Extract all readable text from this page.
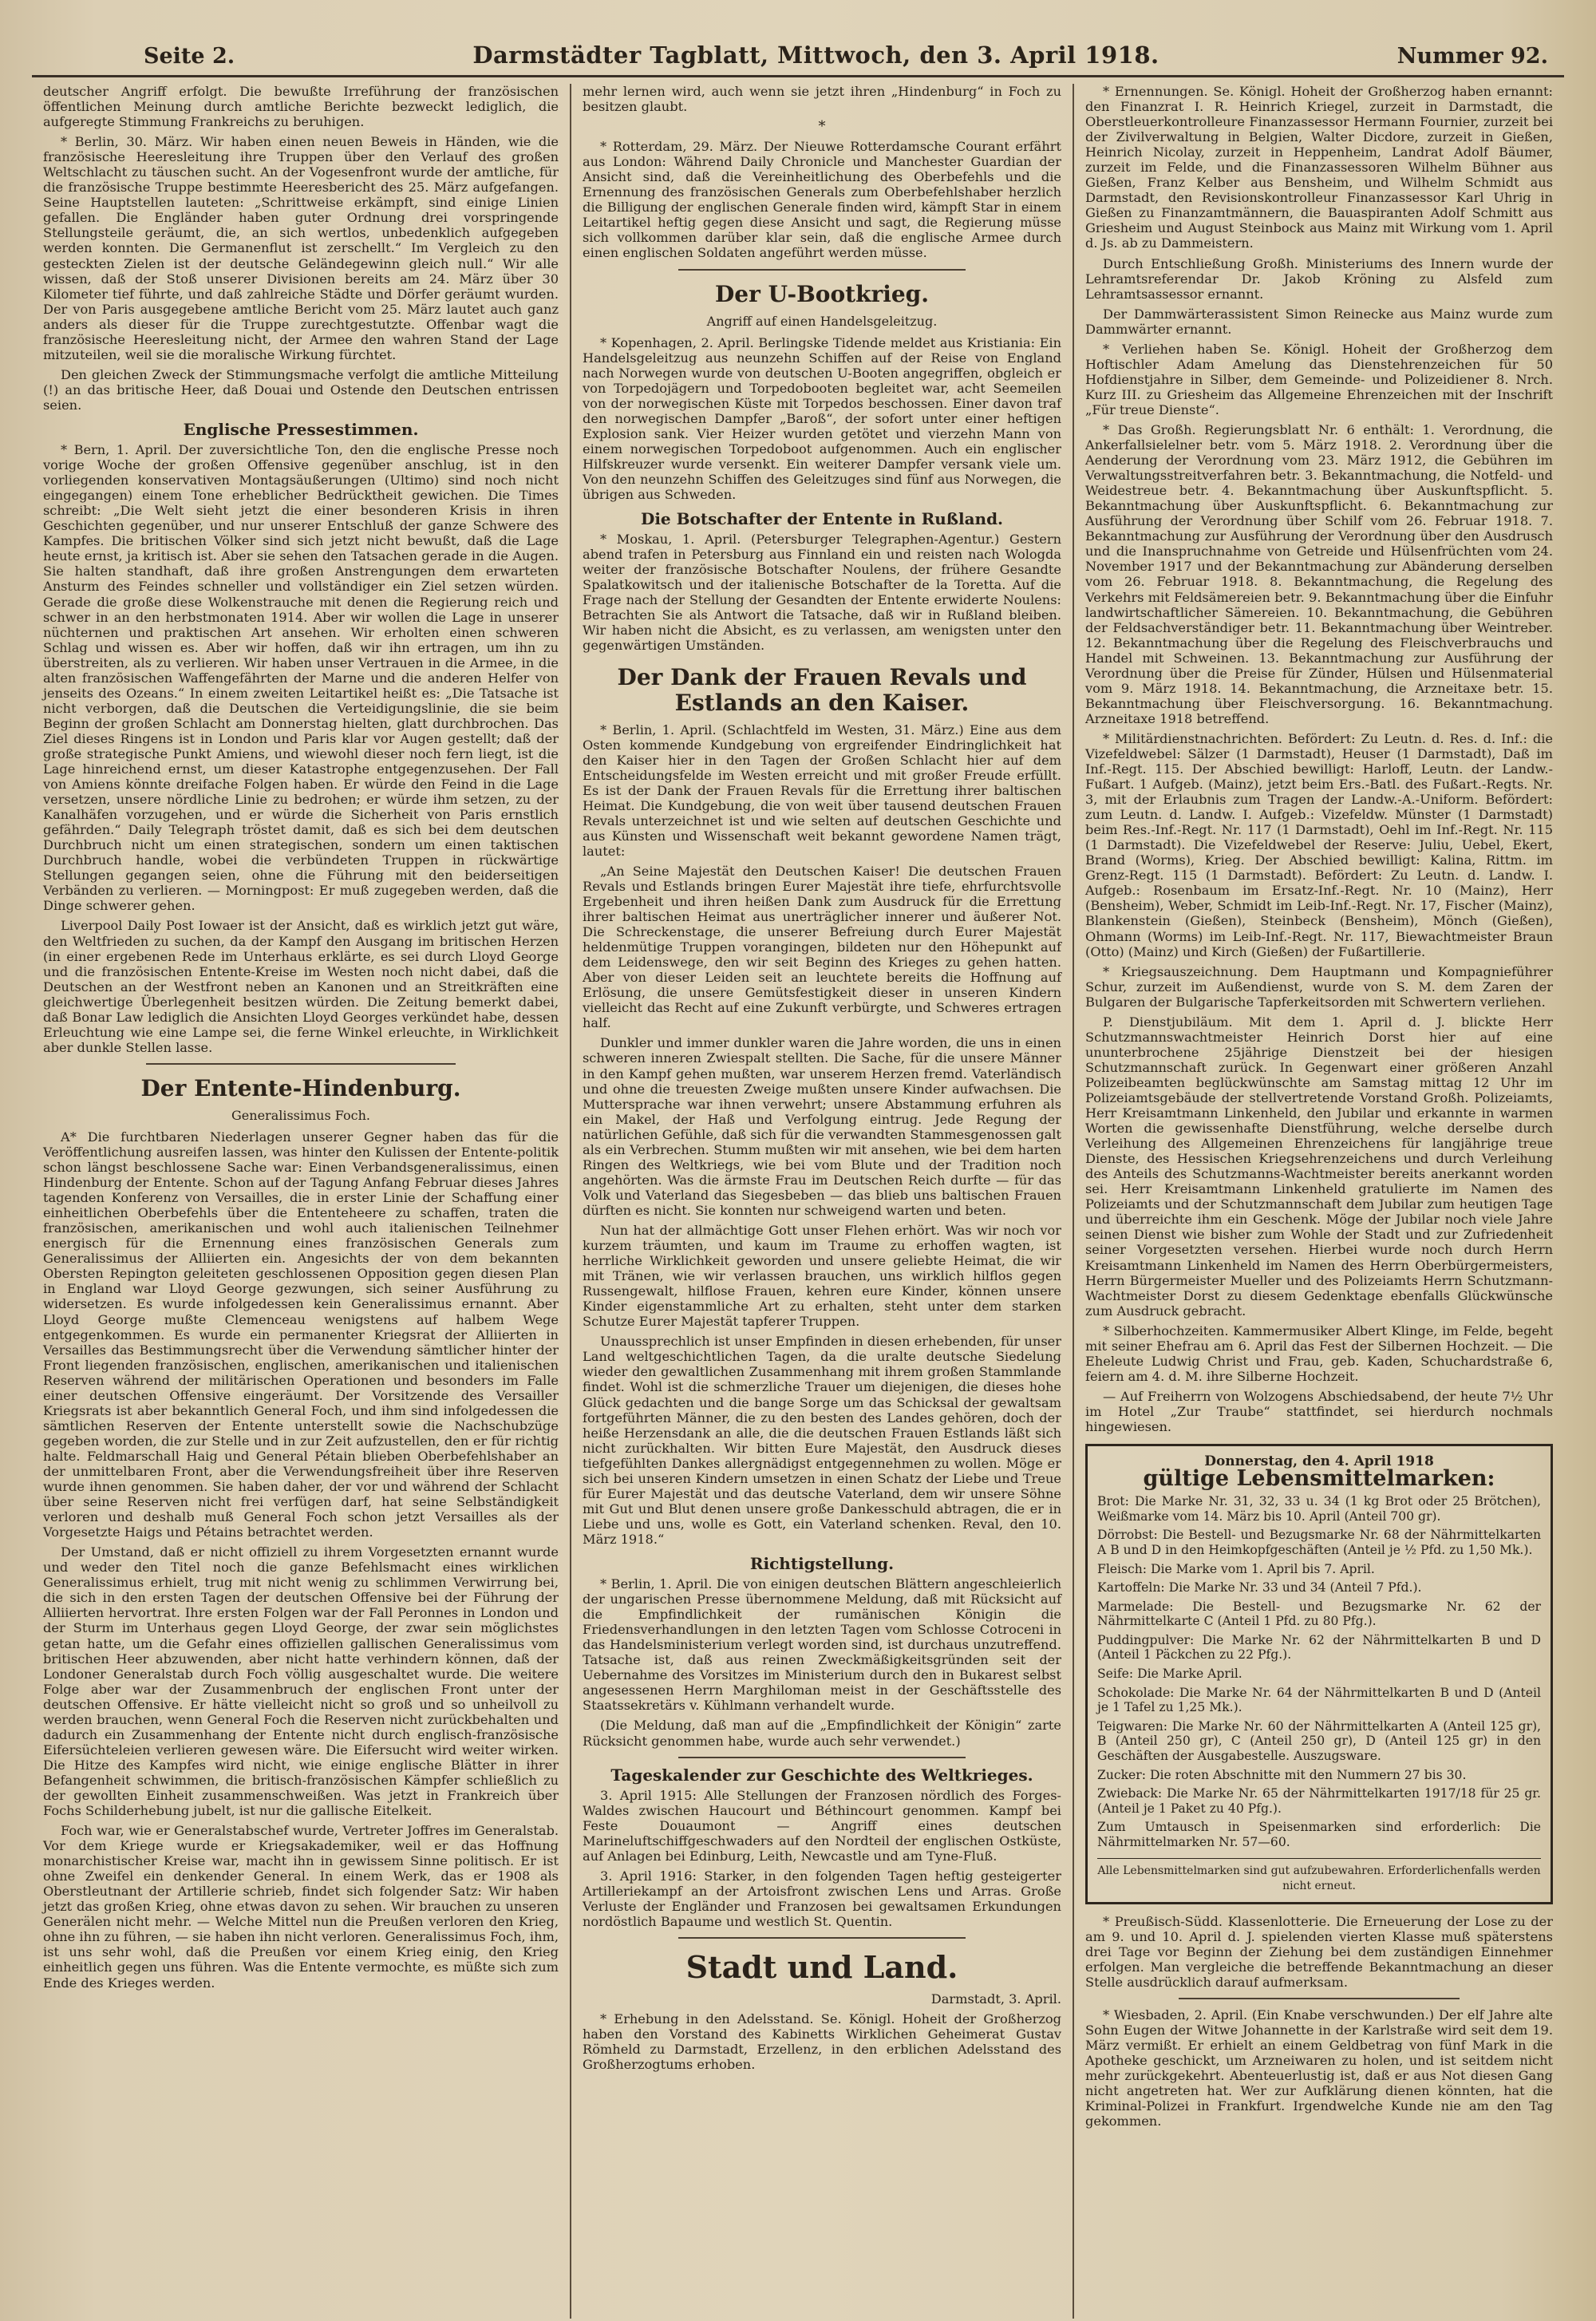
Seite 2.	Darmstädter Tagblatt, Mittwoch, den 3. April 1918.	Nummer 92.

deutscher Angriff erfolgt. Die bewußte Irreführung der französischen öffentlichen Meinung durch amtliche Berichte bezweckt lediglich, die aufgeregte Stimmung Frankreichs zu beruhigen.

* Berlin, 30. März. Wir haben einen neuen Beweis in Händen, wie die französische Heeresleitung ihre Truppen über den Verlauf des großen Weltschlacht zu täuschen sucht. An der Vogesenfront wurde der amtliche, für die französische Truppe bestimmte Heeresbericht des 25. März aufgefangen. Seine Hauptstellen lauteten: „Schrittweise erkämpft, sind einige Linien gefallen. Die Engländer haben guter Ordnung drei vorspringende Stellungsteile geräumt, die, an sich wertlos, unbedenklich aufgegeben werden konnten. Die Germanenflut ist zerschellt.“ Im Vergleich zu den gesteckten Zielen ist der deutsche Geländegewinn gleich null.“ Wir alle wissen, daß der Stoß unserer Divisionen bereits am 24. März über 30 Kilometer tief führte, und daß zahlreiche Städte und Dörfer geräumt wurden. Der von Paris ausgegebene amtliche Bericht vom 25. März lautet auch ganz anders als dieser für die Truppe zurechtgestutzte. Offenbar wagt die französische Heeresleitung nicht, der Armee den wahren Stand der Lage mitzuteilen, weil sie die moralische Wirkung fürchtet.

Den gleichen Zweck der Stimmungsmache verfolgt die amtliche Mitteilung (!) an das britische Heer, daß Douai und Ostende den Deutschen entrissen seien.

Englische Pressestimmen.

* Bern, 1. April. Der zuversichtliche Ton, den die englische Presse noch vorige Woche der großen Offensive gegenüber anschlug, ist in den vorliegenden konservativen Montagsäußerungen (Ultimo) sind noch nicht eingegangen) einem Tone erheblicher Bedrücktheit gewichen. Die Times schreibt: „Die Welt sieht jetzt die einer besonderen Krisis in ihren Geschichten gegenüber, und nur unserer Entschluß der ganze Schwere des Kampfes. Die britischen Völker sind sich jetzt nicht bewußt, daß die Lage heute ernst, ja kritisch ist. Aber sie sehen den Tatsachen gerade in die Augen. Sie halten standhaft, daß ihre großen Anstrengungen dem erwarteten Ansturm des Feindes schneller und vollständiger ein Ziel setzen würden. Gerade die große diese Wolkenstrauche mit denen die Regierung reich und schwer in an den herbstmonaten 1914. Aber wir wollen die Lage in unserer nüchternen und praktischen Art ansehen. Wir erholten einen schweren Schlag und wissen es. Aber wir hoffen, daß wir ihn ertragen, um ihn zu überstreiten, als zu verlieren. Wir haben unser Vertrauen in die Armee, in die alten französischen Waffengefährten der Marne und die anderen Helfer von jenseits des Ozeans.“ In einem zweiten Leitartikel heißt es: „Die Tatsache ist nicht verborgen, daß die Deutschen die Verteidigungslinie, die sie beim Beginn der großen Schlacht am Donnerstag hielten, glatt durchbrochen. Das Ziel dieses Ringens ist in London und Paris klar vor Augen gestellt; daß der große strategische Punkt Amiens, und wiewohl dieser noch fern liegt, ist die Lage hinreichend ernst, um dieser Katastrophe entgegenzusehen. Der Fall von Amiens könnte dreifache Folgen haben. Er würde den Feind in die Lage versetzen, unsere nördliche Linie zu bedrohen; er würde ihm setzen, zu der Kanalhäfen vorzugehen, und er würde die Sicherheit von Paris ernstlich gefährden.“ Daily Telegraph tröstet damit, daß es sich bei dem deutschen Durchbruch nicht um einen strategischen, sondern um einen taktischen Durchbruch handle, wobei die verbündeten Truppen in rückwärtige Stellungen gegangen seien, ohne die Führung mit den beiderseitigen Verbänden zu verlieren. — Morningpost: Er muß zugegeben werden, daß die Dinge schwerer gehen.

Liverpool Daily Post Iowaer ist der Ansicht, daß es wirklich jetzt gut wäre, den Weltfrieden zu suchen, da der Kampf den Ausgang im britischen Herzen (in einer ergebenen Rede im Unterhaus erklärte, es sei durch Lloyd George und die französischen Entente-Kreise im Westen noch nicht dabei, daß die Deutschen an der Westfront neben an Kanonen und an Streitkräften eine gleichwertige Überlegenheit besitzen würden. Die Zeitung bemerkt dabei, daß Bonar Law lediglich die Ansichten Lloyd Georges verkündet habe, dessen Erleuchtung wie eine Lampe sei, die ferne Winkel erleuchte, in Wirklichkeit aber dunkle Stellen lasse.

Der Entente-Hindenburg.
Generalissimus Foch.

A* Die furchtbaren Niederlagen unserer Gegner haben das für die Veröffentlichung ausreifen lassen, was hinter den Kulissen der Entente-politik schon längst beschlossene Sache war: Einen Verbandsgeneralissimus, einen Hindenburg der Entente. Schon auf der Tagung Anfang Februar dieses Jahres tagenden Konferenz von Versailles, die in erster Linie der Schaffung einer einheitlichen Oberbefehls über die Ententeheere zu schaffen, traten die französischen, amerikanischen und wohl auch italienischen Teilnehmer energisch für die Ernennung eines französischen Generals zum Generalissimus der Alliierten ein. Angesichts der von dem bekannten Obersten Repington geleiteten geschlossenen Opposition gegen diesen Plan in England war Lloyd George gezwungen, sich seiner Ausführung zu widersetzen. Es wurde infolgedessen kein Generalissimus ernannt. Aber Lloyd George mußte Clemenceau wenigstens auf halbem Wege entgegenkommen. Es wurde ein permanenter Kriegsrat der Alliierten in Versailles das Bestimmungsrecht über die Verwendung sämtlicher hinter der Front liegenden französischen, englischen, amerikanischen und italienischen Reserven während der militärischen Operationen und besonders im Falle einer deutschen Offensive eingeräumt. Der Vorsitzende des Versailler Kriegsrats ist aber bekanntlich General Foch, und ihm sind infolgedessen die sämtlichen Reserven der Entente unterstellt sowie die Nachschubzüge gegeben worden, die zur Stelle und in zur Zeit aufzustellen, den er für richtig halte. Feldmarschall Haig und General Pétain blieben Oberbefehlshaber an der unmittelbaren Front, aber die Verwendungsfreiheit über ihre Reserven wurde ihnen genommen. Sie haben daher, der vor und während der Schlacht über seine Reserven nicht frei verfügen darf, hat seine Selbständigkeit verloren und deshalb muß General Foch schon jetzt Versailles als der Vorgesetzte Haigs und Pétains betrachtet werden.

Der Umstand, daß er nicht offiziell zu ihrem Vorgesetzten ernannt wurde und weder den Titel noch die ganze Befehlsmacht eines wirklichen Generalissimus erhielt, trug mit nicht wenig zu schlimmen Verwirrung bei, die sich in den ersten Tagen der deutschen Offensive bei der Führung der Alliierten hervortrat. Ihre ersten Folgen war der Fall Peronnes in London und der Sturm im Unterhaus gegen Lloyd George, der zwar sein möglichstes getan hatte, um die Gefahr eines offiziellen gallischen Generalissimus vom britischen Heer abzuwenden, aber nicht hatte verhindern können, daß der Londoner Generalstab durch Foch völlig ausgeschaltet wurde. Die weitere Folge aber war der Zusammenbruch der englischen Front unter der deutschen Offensive. Er hätte vielleicht nicht so groß und so unheilvoll zu werden brauchen, wenn General Foch die Reserven nicht zurückbehalten und dadurch ein Zusammenhang der Entente nicht durch englisch-französische Eifersüchteleien verlieren gewesen wäre. Die Eifersucht wird weiter wirken. Die Hitze des Kampfes wird nicht, wie einige englische Blätter in ihrer Befangenheit schwimmen, die britisch-französischen Kämpfer schließlich zu der gewollten Einheit zusammenschweißen. Was jetzt in Frankreich über Fochs Schilderhebung jubelt, ist nur die gallische Eitelkeit.

Foch war, wie er Generalstabschef wurde, Vertreter Joffres im Generalstab. Vor dem Kriege wurde er Kriegsakademiker, weil er das Hoffnung monarchistischer Kreise war, macht ihn in gewissem Sinne politisch. Er ist ohne Zweifel ein denkender General. In einem Werk, das er 1908 als Oberstleutnant der Artillerie schrieb, findet sich folgender Satz: Wir haben jetzt das großen Krieg, ohne etwas davon zu sehen. Wir brauchen zu unseren Generälen nicht mehr. — Welche Mittel nun die Preußen verloren den Krieg, ohne ihn zu führen, — sie haben ihn nicht verloren. Generalissimus Foch, ihm, ist uns sehr wohl, daß die Preußen vor einem Krieg einig, den Krieg einheitlich gegen uns führen. Was die Entente vermochte, es müßte sich zum Ende des Krieges werden.

mehr lernen wird, auch wenn sie jetzt ihren „Hindenburg“ in Foch zu besitzen glaubt.

*

* Rotterdam, 29. März. Der Nieuwe Rotterdamsche Courant erfährt aus London: Während Daily Chronicle und Manchester Guardian der Ansicht sind, daß die Vereinheitlichung des Oberbefehls und die Ernennung des französischen Generals zum Oberbefehlshaber herzlich die Billigung der englischen Generale finden wird, kämpft Star in einem Leitartikel heftig gegen diese Ansicht und sagt, die Regierung müsse sich vollkommen darüber klar sein, daß die englische Armee durch einen englischen Soldaten angeführt werden müsse.

Der U-Bootkrieg.
Angriff auf einen Handelsgeleitzug.

* Kopenhagen, 2. April. Berlingske Tidende meldet aus Kristiania: Ein Handelsgeleitzug aus neunzehn Schiffen auf der Reise von England nach Norwegen wurde von deutschen U-Booten angegriffen, obgleich er von Torpedojägern und Torpedobooten begleitet war, acht Seemeilen von der norwegischen Küste mit Torpedos beschossen. Einer davon traf den norwegischen Dampfer „Baroß“, der sofort unter einer heftigen Explosion sank. Vier Heizer wurden getötet und vierzehn Mann von einem norwegischen Torpedoboot aufgenommen. Auch ein englischer Hilfskreuzer wurde versenkt. Ein weiterer Dampfer versank viele um. Von den neunzehn Schiffen des Geleitzuges sind fünf aus Norwegen, die übrigen aus Schweden.

Die Botschafter der Entente in Rußland.

* Moskau, 1. April. (Petersburger Telegraphen-Agentur.) Gestern abend trafen in Petersburg aus Finnland ein und reisten nach Wologda weiter der französische Botschafter Noulens, der frühere Gesandte Spalatkowitsch und der italienische Botschafter de la Toretta. Auf die Frage nach der Stellung der Gesandten der Entente erwiderte Noulens: Betrachten Sie als Antwort die Tatsache, daß wir in Rußland bleiben. Wir haben nicht die Absicht, es zu verlassen, am wenigsten unter den gegenwärtigen Umständen.

Der Dank der Frauen Revals und Estlands an den Kaiser.

* Berlin, 1. April. (Schlachtfeld im Westen, 31. März.) Eine aus dem Osten kommende Kundgebung von ergreifender Eindringlichkeit hat den Kaiser hier in den Tagen der Großen Schlacht hier auf dem Entscheidungsfelde im Westen erreicht und mit großer Freude erfüllt. Es ist der Dank der Frauen Revals für die Errettung ihrer baltischen Heimat. Die Kundgebung, die von weit über tausend deutschen Frauen Revals unterzeichnet ist und wie selten auf deutschen Geschichte und aus Künsten und Wissenschaft weit bekannt gewordene Namen trägt, lautet:

„An Seine Majestät den Deutschen Kaiser! Die deutschen Frauen Revals und Estlands bringen Eurer Majestät ihre tiefe, ehrfurchtsvolle Ergebenheit und ihren heißen Dank zum Ausdruck für die Errettung ihrer baltischen Heimat aus unerträglicher innerer und äußerer Not. Die Schreckenstage, die unserer Befreiung durch Eurer Majestät heldenmütige Truppen vorangingen, bildeten nur den Höhepunkt auf dem Leidenswege, den wir seit Beginn des Krieges zu gehen hatten. Aber von dieser Leiden seit an leuchtete bereits die Hoffnung auf Erlösung, die unsere Gemütsfestigkeit dieser in unseren Kindern vielleicht das Recht auf eine Zukunft verbürgte, und Schweres ertragen half.

Dunkler und immer dunkler waren die Jahre worden, die uns in einen schweren inneren Zwiespalt stellten. Die Sache, für die unsere Männer in den Kampf gehen mußten, war unserem Herzen fremd. Vaterländisch und ohne die treuesten Zweige mußten unsere Kinder aufwachsen. Die Muttersprache war ihnen verwehrt; unsere Abstammung erfuhren als ein Makel, der Haß und Verfolgung eintrug. Jede Regung der natürlichen Gefühle, daß sich für die verwandten Stammesgenossen galt als ein Verbrechen. Stumm mußten wir mit ansehen, wie bei dem harten Ringen des Weltkriegs, wie bei vom Blute und der Tradition noch angehörten. Was die ärmste Frau im Deutschen Reich durfte — für das Volk und Vaterland das Siegesbeben — das blieb uns baltischen Frauen dürften es nicht. Sie konnten nur schweigend warten und beten.

Nun hat der allmächtige Gott unser Flehen erhört. Was wir noch vor kurzem träumten, und kaum im Traume zu erhoffen wagten, ist herrliche Wirklichkeit geworden und unsere geliebte Heimat, die wir mit Tränen, wie wir verlassen brauchen, uns wirklich hilflos gegen Russengewalt, hilflose Frauen, kehren eure Kinder, können unsere Kinder eigenstammliche Art zu erhalten, steht unter dem starken Schutze Eurer Majestät tapferer Truppen.

Unaussprechlich ist unser Empfinden in diesen erhebenden, für unser Land weltgeschichtlichen Tagen, da die uralte deutsche Siedelung wieder den gewaltlichen Zusammenhang mit ihrem großen Stammlande findet. Wohl ist die schmerzliche Trauer um diejenigen, die dieses hohe Glück gedachten und die bange Sorge um das Schicksal der gewaltsam fortgeführten Männer, die zu den besten des Landes gehören, doch der heiße Herzensdank an alle, die die deutschen Frauen Estlands läßt sich nicht zurückhalten. Wir bitten Eure Majestät, den Ausdruck dieses tiefgefühlten Dankes allergnädigst entgegennehmen zu wollen. Möge er sich bei unseren Kindern umsetzen in einen Schatz der Liebe und Treue für Eurer Majestät und das deutsche Vaterland, dem wir unsere Söhne mit Gut und Blut denen unsere große Dankesschuld abtragen, die er in Liebe und uns, wolle es Gott, ein Vaterland schenken. Reval, den 10. März 1918.“

Richtigstellung.

* Berlin, 1. April. Die von einigen deutschen Blättern angeschleierlich der ungarischen Presse übernommene Meldung, daß mit Rücksicht auf die Empfindlichkeit der rumänischen Königin die Friedensverhandlungen in den letzten Tagen vom Schlosse Cotroceni in das Handelsministerium verlegt worden sind, ist durchaus unzutreffend. Tatsache ist, daß aus reinen Zweckmäßigkeitsgründen seit der Uebernahme des Vorsitzes im Ministerium durch den in Bukarest selbst angesessenen Herrn Marghiloman meist in der Geschäftsstelle des Staatssekretärs v. Kühlmann verhandelt wurde.

(Die Meldung, daß man auf die „Empfindlichkeit der Königin“ zarte Rücksicht genommen habe, wurde auch sehr verwendet.)

Tageskalender zur Geschichte des Weltkrieges.

3. April 1915: Alle Stellungen der Franzosen nördlich des Forges-Waldes zwischen Haucourt und Béthincourt genommen. Kampf bei Feste Douaumont — Angriff eines deutschen Marineluftschiffgeschwaders auf den Nordteil der englischen Ostküste, auf Anlagen bei Edinburg, Leith, Newcastle und am Tyne-Fluß.

3. April 1916: Starker, in den folgenden Tagen heftig gesteigerter Artilleriekampf an der Artoisfront zwischen Lens und Arras. Große Verluste der Engländer und Franzosen bei gewaltsamen Erkundungen nordöstlich Bapaume und westlich St. Quentin.

Stadt und Land.

Darmstadt, 3. April.

* Erhebung in den Adelsstand. Se. Königl. Hoheit der Großherzog haben den Vorstand des Kabinetts Wirklichen Geheimerat Gustav Römheld zu Darmstadt, Erzellenz, in den erblichen Adelsstand des Großherzogtums erhoben.

* Ernennungen. Se. Königl. Hoheit der Großherzog haben ernannt: den Finanzrat I. R. Heinrich Kriegel, zurzeit in Darmstadt, die Oberstleuerkontrolleure Finanzassessor Hermann Fournier, zurzeit bei der Zivilverwaltung in Belgien, Walter Dicdore, zurzeit in Gießen, Heinrich Nicolay, zurzeit in Heppenheim, Landrat Adolf Bäumer, zurzeit im Felde, und die Finanzassessoren Wilhelm Bühner aus Gießen, Franz Kelber aus Bensheim, und Wilhelm Schmidt aus Darmstadt, den Revisionskontrolleur Finanzassessor Karl Uhrig in Gießen zu Finanzamtmännern, die Bauaspiranten Adolf Schmitt aus Griesheim und August Steinbock aus Mainz mit Wirkung vom 1. April d. Js. ab zu Dammeistern.

Durch Entschließung Großh. Ministeriums des Innern wurde der Lehramtsreferendar Dr. Jakob Kröning zu Alsfeld zum Lehramtsassessor ernannt.

Der Dammwärterassistent Simon Reinecke aus Mainz wurde zum Dammwärter ernannt.

* Verliehen haben Se. Königl. Hoheit der Großherzog dem Hoftischler Adam Amelung das Dienstehrenzeichen für 50 Hofdienstjahre in Silber, dem Gemeinde- und Polizeidiener 8. Nrch. Kurz III. zu Griesheim das Allgemeine Ehrenzeichen mit der Inschrift „Für treue Dienste“.

* Das Großh. Regierungsblatt Nr. 6 enthält: 1. Verordnung, die Ankerfallsielelner betr. vom 5. März 1918. 2. Verordnung über die Aenderung der Verordnung vom 23. März 1912, die Gebühren im Verwaltungsstreitverfahren betr. 3. Bekanntmachung, die Notfeld- und Weidestreue betr. 4. Bekanntmachung über Auskunftspflicht. 5. Bekanntmachung über Auskunftspflicht. 6. Bekanntmachung zur Ausführung der Verordnung über Schilf vom 26. Februar 1918. 7. Bekanntmachung zur Ausführung der Verordnung über den Ausdrusch und die Inanspruchnahme von Getreide und Hülsenfrüchten vom 24. November 1917 und der Bekanntmachung zur Abänderung derselben vom 26. Februar 1918. 8. Bekanntmachung, die Regelung des Verkehrs mit Feldsämereien betr. 9. Bekanntmachung über die Einfuhr landwirtschaftlicher Sämereien. 10. Bekanntmachung, die Gebühren der Feldsachverständiger betr. 11. Bekanntmachung über Weintreber. 12. Bekanntmachung über die Regelung des Fleischverbrauchs und Handel mit Schweinen. 13. Bekanntmachung zur Ausführung der Verordnung über die Preise für Zünder, Hülsen und Hülsenmaterial vom 9. März 1918. 14. Bekanntmachung, die Arzneitaxe betr. 15. Bekanntmachung über Fleischversorgung. 16. Bekanntmachung. Arzneitaxe 1918 betreffend.

* Militärdienstnachrichten. Befördert: Zu Leutn. d. Res. d. Inf.: die Vizefeldwebel: Sälzer (1 Darmstadt), Heuser (1 Darmstadt), Daß im Inf.-Regt. 115. Der Abschied bewilligt: Harloff, Leutn. der Landw.-Fußart. 1 Aufgeb. (Mainz), jetzt beim Ers.-Batl. des Fußart.-Regts. Nr. 3, mit der Erlaubnis zum Tragen der Landw.-A.-Uniform. Befördert: zum Leutn. d. Landw. I. Aufgeb.: Vizefeldw. Münster (1 Darmstadt) beim Res.-Inf.-Regt. Nr. 117 (1 Darmstadt), Oehl im Inf.-Regt. Nr. 115 (1 Darmstadt). Die Vizefeldwebel der Reserve: Juliu, Uebel, Ekert, Brand (Worms), Krieg. Der Abschied bewilligt: Kalina, Rittm. im Grenz-Regt. 115 (1 Darmstadt). Befördert: Zu Leutn. d. Landw. I. Aufgeb.: Rosenbaum im Ersatz-Inf.-Regt. Nr. 10 (Mainz), Herr (Bensheim), Weber, Schmidt im Leib-Inf.-Regt. Nr. 17, Fischer (Mainz), Blankenstein (Gießen), Steinbeck (Bensheim), Mönch (Gießen), Ohmann (Worms) im Leib-Inf.-Regt. Nr. 117, Biewachtmeister Braun (Otto) (Mainz) und Kirch (Gießen) der Fußartillerie.

* Kriegsauszeichnung. Dem Hauptmann und Kompagnieführer Schur, zurzeit im Außendienst, wurde von S. M. dem Zaren der Bulgaren der Bulgarische Tapferkeitsorden mit Schwertern verliehen.

P. Dienstjubiläum. Mit dem 1. April d. J. blickte Herr Schutzmannswachtmeister Heinrich Dorst hier auf eine ununterbrochene 25jährige Dienstzeit bei der hiesigen Schutzmannschaft zurück. In Gegenwart einer größeren Anzahl Polizeibeamten beglückwünschte am Samstag mittag 12 Uhr im Polizeiamtsgebäude der stellvertretende Vorstand Großh. Polizeiamts, Herr Kreisamtmann Linkenheld, den Jubilar und erkannte in warmen Worten die gewissenhafte Dienstführung, welche derselbe durch Verleihung des Allgemeinen Ehrenzeichens für langjährige treue Dienste, des Hessischen Kriegsehrenzeichens und durch Verleihung des Anteils des Schutzmanns-Wachtmeister bereits anerkannt worden sei. Herr Kreisamtmann Linkenheld gratulierte im Namen des Polizeiamts und der Schutzmannschaft dem Jubilar zum heutigen Tage und überreichte ihm ein Geschenk. Möge der Jubilar noch viele Jahre seinen Dienst wie bisher zum Wohle der Stadt und zur Zufriedenheit seiner Vorgesetzten versehen. Hierbei wurde noch durch Herrn Kreisamtmann Linkenheld im Namen des Herrn Oberbürgermeisters, Herrn Bürgermeister Mueller und des Polizeiamts Herrn Schutzmann-Wachtmeister Dorst zu diesem Gedenktage ebenfalls Glückwünsche zum Ausdruck gebracht.

* Silberhochzeiten. Kammermusiker Albert Klinge, im Felde, begeht mit seiner Ehefrau am 6. April das Fest der Silbernen Hochzeit. — Die Eheleute Ludwig Christ und Frau, geb. Kaden, Schuchardstraße 6, feiern am 4. d. M. ihre Silberne Hochzeit.

— Auf Freiherrn von Wolzogens Abschiedsabend, der heute 7½ Uhr im Hotel „Zur Traube“ stattfindet, sei hierdurch nochmals hingewiesen.

Donnerstag, den 4. April 1918
gültige Lebensmittelmarken:

Brot: Die Marke Nr. 31, 32, 33 u. 34 (1 kg Brot oder 25 Brötchen), Weißmarke vom 14. März bis 10. April (Anteil 700 gr).

Dörrobst: Die Bestell- und Bezugsmarke Nr. 68 der Nährmittelkarten A B und D in den Heimkopfgeschäften (Anteil je ½ Pfd. zu 1,50 Mk.).

Fleisch: Die Marke vom 1. April bis 7. April.

Kartoffeln: Die Marke Nr. 33 und 34 (Anteil 7 Pfd.).

Marmelade: Die Bestell- und Bezugsmarke Nr. 62 der Nährmittelkarte C (Anteil 1 Pfd. zu 80 Pfg.).

Puddingpulver: Die Marke Nr. 62 der Nährmittelkarten B und D (Anteil 1 Päckchen zu 22 Pfg.).

Seife: Die Marke April.

Schokolade: Die Marke Nr. 64 der Nährmittelkarten B und D (Anteil je 1 Tafel zu 1,25 Mk.).

Teigwaren: Die Marke Nr. 60 der Nährmittelkarten A (Anteil 125 gr), B (Anteil 250 gr), C (Anteil 250 gr), D (Anteil 125 gr) in den Geschäften der Ausgabestelle. Auszugsware.

Zucker: Die roten Abschnitte mit den Nummern 27 bis 30.

Zwieback: Die Marke Nr. 65 der Nährmittelkarten 1917/18 für 25 gr. (Anteil je 1 Paket zu 40 Pfg.).

Zum Umtausch in Speisenmarken sind erforderlich: Die Nährmittelmarken Nr. 57—60.

Alle Lebensmittelmarken sind gut aufzubewahren. Erforderlichenfalls werden nicht erneut.

* Preußisch-Südd. Klassenlotterie. Die Erneuerung der Lose zu der am 9. und 10. April d. J. spielenden vierten Klasse muß späterstens drei Tage vor Beginn der Ziehung bei dem zuständigen Einnehmer erfolgen. Man vergleiche die betreffende Bekanntmachung an dieser Stelle ausdrücklich darauf aufmerksam.

* Wiesbaden, 2. April. (Ein Knabe verschwunden.) Der elf Jahre alte Sohn Eugen der Witwe Johannette in der Karlstraße wird seit dem 19. März vermißt. Er erhielt an einem Geldbetrag von fünf Mark in die Apotheke geschickt, um Arzneiwaren zu holen, und ist seitdem nicht mehr zurückgekehrt. Abenteuerlustig ist, daß er aus Not diesen Gang nicht angetreten hat. Wer zur Aufklärung dienen könnten, hat die Kriminal-Polizei in Frankfurt. Irgendwelche Kunde nie am den Tag gekommen.
